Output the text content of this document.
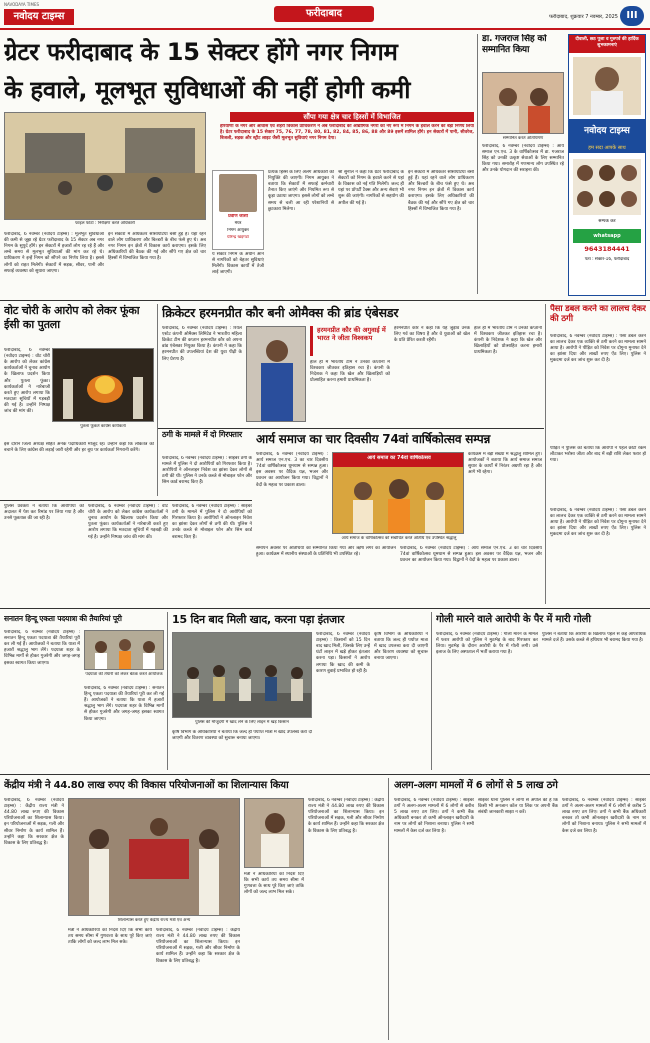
NAVODAYA TIMES
नवोदय टाइम्स	फरीदाबाद	फरीदाबाद, शुक्रवार 7 नवम्बर, 2025 III
ग्रेटर फरीदाबाद के 15 सेक्टर होंगे नगर निगम
के हवाले, मूलभूत सुविधाओं की नहीं होगी कमी
फाइल फोटो : निरीक्षण करते अधिकारी
सौंपा गया क्षेत्र चार हिस्सों में विभाजित
हरियाणा के नगर और आवास एवं शहरी विकास प्राधिकरण ने अब फरीदाबाद की औद्योगिक नगरी को नए रूप में निगम के हवाले करने का बड़ा निर्णय लिया है। ग्रेटर फरीदाबाद के 15 सेक्टर 75, 76, 77, 78, 80, 81, 82, 84, 85, 86, 88 और 89 इसमें शामिल होंगे। इन सेक्टरों में पानी, सीवरेज, बिजली, सड़क और स्ट्रीट लाइट जैसी मूलभूत सुविधाएं नगर निगम देगा।
फरीदाबाद, 6 नवम्बर (नवोदय टाइम्स) : मूलभूत सुविधाओं की कमी से जूझ रहे ग्रेटर फरीदाबाद के 15 सेक्टर अब नगर निगम के सुपुर्द होंगे। इन सेक्टरों में हजारों लोग रह रहे हैं और लम्बे समय से मूलभूत सुविधाओं की मांग कर रहे थे। प्राधिकरण ने इन्हें निगम को सौंपने का निर्णय लिया है। इससे लोगों को राहत मिलेगी। सेक्टरों में सड़क, सीवर, पानी और सफाई व्यवस्था को सुधारा जाएगा।
इन सेक्टरों में अधिकतर सोसायटियां बसी हुई हैं। यहां रहने वाले लोग प्राधिकरण और बिल्डरों के बीच फंसे हुए थे। अब नगर निगम इन क्षेत्रों में विकास कार्य कराएगा। इसके लिए अधिकारियों की बैठक की गई और सौंपे गए क्षेत्र को चार हिस्सों में विभाजित किया गया है।
प्रवीण जोशी
मेयर
निगम आयुक्त
धीरेन्द्र खड़गटा
ये सेक्टर निगम के अधीन आने से नागरिकों को बेहतर सुविधाएं मिलेंगी। विकास कार्यों में तेजी लाई जाएगी।
प्रत्येक हिस्से के लिए अलग अधिकारी की नियुक्ति की जाएगी। निगम आयुक्त ने बताया कि सेक्टरों में सफाई कर्मचारी तैनात किए जाएंगे और नियमित रूप से कूड़ा उठाया जाएगा। इससे लोगों को लम्बे समय से चली आ रही परेशानियों से छुटकारा मिलेगा।
श्री सुनील ने कहा कि ग्रेटर फरीदाबाद के सेक्टरों को निगम के हवाले करने से यहां के विकास को नई गति मिलेगी। जल्द ही यहां पर प्रॉपर्टी टैक्स और अन्य सेवाएं भी शुरू की जाएंगी। नागरिकों से सहयोग की अपील की गई है।
इन सेक्टरों में अधिकतर सोसायटियां बसी हुई हैं। यहां रहने वाले लोग प्राधिकरण और बिल्डरों के बीच फंसे हुए थे। अब नगर निगम इन क्षेत्रों में विकास कार्य कराएगा। इसके लिए अधिकारियों की बैठक की गई और सौंपे गए क्षेत्र को चार हिस्सों में विभाजित किया गया है।
डा. गजराज सिंह को सम्मानित किया
सम्मानित करते अतिथिगण
फरीदाबाद, 6 नवम्बर (नवोदय टाइम्स) : आर्य समाज एन.एच. 3 के वार्षिकोत्सव में डा. गजराज सिंह को उनकी उत्कृष्ट सेवाओं के लिए सम्मानित किया गया। समारोह में गणमान्य लोग उपस्थित रहे और उनके योगदान की सराहना की।
दीवाली, छठ पूजा व गुरुपर्व की हार्दिक शुभकामनाएं
नवोदय टाइम्स
हम सदा आपके साथ
सम्पर्क करें
whatsapp
9643184441
पता : सेक्टर-16, फरीदाबाद
वोट चोरी के आरोप को लेकर फूंका ईसी का पुतला
फरीदाबाद, 6 नवम्बर (नवोदय टाइम्स) : वोट चोरी के आरोप को लेकर कांग्रेस कार्यकर्ताओं ने चुनाव आयोग के खिलाफ प्रदर्शन किया और पुतला फूंका। कार्यकर्ताओं ने नारेबाजी करते हुए आरोप लगाया कि मतदाता सूचियों में गड़बड़ी की गई है। उन्होंने निष्पक्ष जांच की मांग की।
पुतला फूंकते कांग्रेस कार्यकर्ता
इस दौरान जिला अध्यक्ष सहित अनेक पदाधिकारी मौजूद रहे। उन्होंने कहा कि लोकतंत्र को बचाने के लिए कांग्रेस की लड़ाई जारी रहेगी और हर बूथ पर कार्यकर्ता निगरानी करेंगे।
क्रिकेटर हरमनप्रीत कौर बनी ओमैक्स की ब्रांड एंबेसडर
फरीदाबाद, 6 नवम्बर (नवोदय टाइम्स) : रियल एस्टेट कंपनी ओमैक्स लिमिटेड ने भारतीय महिला क्रिकेट टीम की कप्तान हरमनप्रीत कौर को अपना ब्रांड एंबेसडर नियुक्त किया है। कंपनी ने कहा कि हरमनप्रीत की उपलब्धियां देश की युवा पीढ़ी के लिए प्रेरणा हैं।
हरमनप्रीत कौर की अगुवाई में भारत ने जीता विश्वकप
हाल ही में भारतीय टीम ने उनकी कप्तानी में विश्वकप जीतकर इतिहास रचा है। कंपनी के निदेशक ने कहा कि खेल और खिलाड़ियों को प्रोत्साहित करना हमारी प्राथमिकता है।
हरमनप्रीत कौर ने कहा कि यह जुड़ाव उनके लिए गर्व का विषय है और वे युवाओं को खेल के प्रति प्रेरित करती रहेंगी।
हाल ही में भारतीय टीम ने उनकी कप्तानी में विश्वकप जीतकर इतिहास रचा है। कंपनी के निदेशक ने कहा कि खेल और खिलाड़ियों को प्रोत्साहित करना हमारी प्राथमिकता है।
पैसा डबल करने का लालच देकर की ठगी
फरीदाबाद, 6 नवम्बर (नवोदय टाइम्स) : पैसा डबल करने का लालच देकर एक व्यक्ति से ठगी करने का मामला सामने आया है। आरोपी ने पीड़ित को निवेश पर दोगुना मुनाफा देने का झांसा दिया और लाखों रुपए ऐंठ लिए। पुलिस ने मुकदमा दर्ज कर जांच शुरू कर दी है।
पीड़ित ने पुलिस को बताया कि आरोपी ने पहले छोटी रकम लौटाकर भरोसा जीता और बाद में बड़ी राशि लेकर फरार हो गया।
ठगी के मामले में दो गिरफ्तार
फरीदाबाद, 6 नवम्बर (नवोदय टाइम्स) : साइबर ठगी के मामले में पुलिस ने दो आरोपियों को गिरफ्तार किया है। आरोपियों ने ऑनलाइन निवेश का झांसा देकर लोगों से ठगी की थी। पुलिस ने उनके कब्जे से मोबाइल फोन और सिम कार्ड बरामद किए हैं।
आर्य समाज का चार दिवसीय 74वां वार्षिकोत्सव सम्पन्न
पुलिस प्रवक्ता ने बताया कि आरोपियों को अदालत में पेश कर रिमांड पर लिया गया है और उनसे पूछताछ की जा रही है।
फरीदाबाद, 6 नवम्बर (नवोदय टाइम्स) : वोट चोरी के आरोप को लेकर कांग्रेस कार्यकर्ताओं ने चुनाव आयोग के खिलाफ प्रदर्शन किया और पुतला फूंका। कार्यकर्ताओं ने नारेबाजी करते हुए आरोप लगाया कि मतदाता सूचियों में गड़बड़ी की गई है। उन्होंने निष्पक्ष जांच की मांग की।
फरीदाबाद, 6 नवम्बर (नवोदय टाइम्स) : साइबर ठगी के मामले में पुलिस ने दो आरोपियों को गिरफ्तार किया है। आरोपियों ने ऑनलाइन निवेश का झांसा देकर लोगों से ठगी की थी। पुलिस ने उनके कब्जे से मोबाइल फोन और सिम कार्ड बरामद किए हैं।
फरीदाबाद, 6 नवम्बर (नवोदय टाइम्स) : आर्य समाज एन.एच. 3 का चार दिवसीय 74वां वार्षिकोत्सव धूमधाम से सम्पन्न हुआ। इस अवसर पर वैदिक यज्ञ, भजन और प्रवचन का आयोजन किया गया। विद्वानों ने वेदों के महत्व पर प्रकाश डाला।
आर्य समाज का 74वां वार्षिकोत्सव
कार्यक्रम में बड़ी संख्या में श्रद्धालु शामिल हुए। आयोजकों ने बताया कि आर्य समाज समाज सुधार के कार्यों में निरंतर अग्रणी रहा है और आगे भी रहेगा।
आर्य समाज के वार्षिकोत्सव को संबोधित करते अतिथि एवं उपस्थित श्रद्धालु
समापन अवसर पर अतिथियों को सम्मानित किया गया और ऋषि लंगर का आयोजन हुआ। कार्यक्रम में स्थानीय संस्थाओं के प्रतिनिधि भी उपस्थित रहे।
फरीदाबाद, 6 नवम्बर (नवोदय टाइम्स) : आर्य समाज एन.एच. 3 का चार दिवसीय 74वां वार्षिकोत्सव धूमधाम से सम्पन्न हुआ। इस अवसर पर वैदिक यज्ञ, भजन और प्रवचन का आयोजन किया गया। विद्वानों ने वेदों के महत्व पर प्रकाश डाला।
फरीदाबाद, 6 नवम्बर (नवोदय टाइम्स) : पैसा डबल करने का लालच देकर एक व्यक्ति से ठगी करने का मामला सामने आया है। आरोपी ने पीड़ित को निवेश पर दोगुना मुनाफा देने का झांसा दिया और लाखों रुपए ऐंठ लिए। पुलिस ने मुकदमा दर्ज कर जांच शुरू कर दी है।
सनातन हिन्दू एकता पदयात्रा की तैयारियां पूरी
फरीदाबाद, 6 नवम्बर (नवोदय टाइम्स) : सनातन हिन्दू एकता पदयात्रा की तैयारियां पूरी कर ली गई हैं। आयोजकों ने बताया कि यात्रा में हजारों श्रद्धालु भाग लेंगे। पदयात्रा शहर के विभिन्न मार्गों से होकर गुजरेगी और जगह-जगह इसका स्वागत किया जाएगा।
पदयात्रा की तैयारी को लेकर बैठक करते आयोजक
फरीदाबाद, 6 नवम्बर (नवोदय टाइम्स) : सनातन हिन्दू एकता पदयात्रा की तैयारियां पूरी कर ली गई हैं। आयोजकों ने बताया कि यात्रा में हजारों श्रद्धालु भाग लेंगे। पदयात्रा शहर के विभिन्न मार्गों से होकर गुजरेगी और जगह-जगह इसका स्वागत किया जाएगा।
15 दिन बाद मिली खाद, करना पड़ा इंतजार
पुलिस की मौजूदगी में खाद लेने के लिए लाइन में खड़े किसान
फरीदाबाद, 6 नवम्बर (नवोदय टाइम्स) : किसानों को 15 दिन बाद खाद मिली, जिसके लिए उन्हें घंटों लाइन में खड़े होकर इंतजार करना पड़ा। किसानों ने आरोप लगाया कि खाद की कमी के कारण बुवाई प्रभावित हो रही है।
कृषि विभाग के अधिकारियों ने बताया कि जल्द ही पर्याप्त मात्रा में खाद उपलब्ध करा दी जाएगी और वितरण व्यवस्था को सुचारू बनाया जाएगा।
कृषि विभाग के अधिकारियों ने बताया कि जल्द ही पर्याप्त मात्रा में खाद उपलब्ध करा दी जाएगी और वितरण व्यवस्था को सुचारू बनाया जाएगा।
गोली मारने वाले आरोपी के पैर में मारी गोली
फरीदाबाद, 6 नवम्बर (नवोदय टाइम्स) : गोली मारने के मामले में फरार आरोपी को पुलिस ने मुठभेड़ के बाद गिरफ्तार कर लिया। मुठभेड़ के दौरान आरोपी के पैर में गोली लगी। उसे इलाज के लिए अस्पताल में भर्ती कराया गया है।
पुलिस ने बताया कि आरोपी के खिलाफ पहले से कई आपराधिक मामले दर्ज हैं। उसके कब्जे से हथियार भी बरामद किया गया है।
केंद्रीय मंत्री ने 44.80 लाख रुपए की विकास परियोजनाओं का शिलान्यास किया
फरीदाबाद, 6 नवम्बर (नवोदय टाइम्स) : केंद्रीय राज्य मंत्री ने 44.80 लाख रुपए की विकास परियोजनाओं का शिलान्यास किया। इन परियोजनाओं में सड़क, गली और सीवर निर्माण के कार्य शामिल हैं। उन्होंने कहा कि सरकार क्षेत्र के विकास के लिए प्रतिबद्ध है।
शिलान्यास करते हुए केंद्रीय राज्य मंत्री एवं अन्य
मंत्री ने अधिकारियों को निर्देश दिए कि सभी कार्य तय समय सीमा में गुणवत्ता के साथ पूरे किए जाएं ताकि लोगों को जल्द लाभ मिल सके।
फरीदाबाद, 6 नवम्बर (नवोदय टाइम्स) : केंद्रीय राज्य मंत्री ने 44.80 लाख रुपए की विकास परियोजनाओं का शिलान्यास किया। इन परियोजनाओं में सड़क, गली और सीवर निर्माण के कार्य शामिल हैं। उन्होंने कहा कि सरकार क्षेत्र के विकास के लिए प्रतिबद्ध है।
मंत्री ने अधिकारियों को निर्देश दिए कि सभी कार्य तय समय सीमा में गुणवत्ता के साथ पूरे किए जाएं ताकि लोगों को जल्द लाभ मिल सके।
फरीदाबाद, 6 नवम्बर (नवोदय टाइम्स) : केंद्रीय राज्य मंत्री ने 44.80 लाख रुपए की विकास परियोजनाओं का शिलान्यास किया। इन परियोजनाओं में सड़क, गली और सीवर निर्माण के कार्य शामिल हैं। उन्होंने कहा कि सरकार क्षेत्र के विकास के लिए प्रतिबद्ध है।
अलग-अलग मामलों में 6 लोगों से 5 लाख ठगे
फरीदाबाद, 6 नवम्बर (नवोदय टाइम्स) : साइबर ठगों ने अलग-अलग मामलों में 6 लोगों से करीब 5 लाख रुपए ठग लिए। ठगों ने कभी बैंक अधिकारी बनकर तो कभी ऑनलाइन खरीदारी के नाम पर लोगों को निशाना बनाया। पुलिस ने सभी मामलों में केस दर्ज कर लिया है।
साइबर थाना पुलिस ने लोगों से अपील की है कि किसी भी अनजान कॉल या लिंक पर अपनी बैंक संबंधी जानकारी साझा न करें।
फरीदाबाद, 6 नवम्बर (नवोदय टाइम्स) : साइबर ठगों ने अलग-अलग मामलों में 6 लोगों से करीब 5 लाख रुपए ठग लिए। ठगों ने कभी बैंक अधिकारी बनकर तो कभी ऑनलाइन खरीदारी के नाम पर लोगों को निशाना बनाया। पुलिस ने सभी मामलों में केस दर्ज कर लिया है।
